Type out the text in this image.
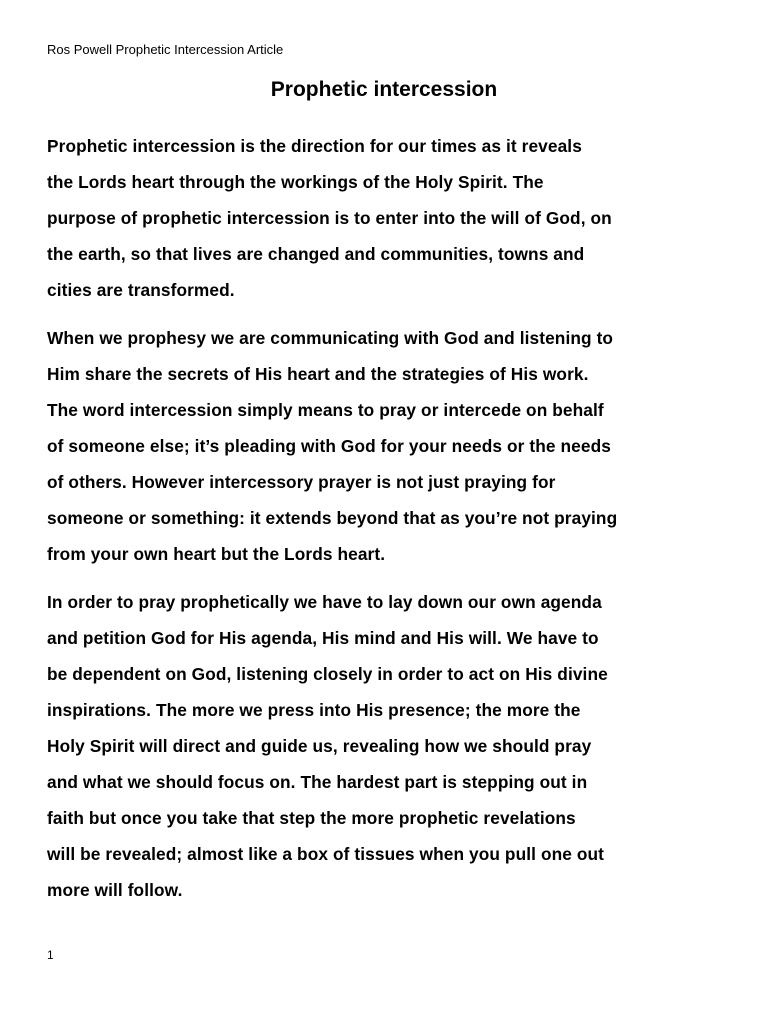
Ros Powell Prophetic Intercession Article
Prophetic intercession

Prophetic intercession is the direction for our times as it reveals
the Lords heart through the workings of the Holy Spirit. The
purpose of prophetic intercession is to enter into the will of God, on
the earth, so that lives are changed and communities, towns and
cities are transformed.

When we prophesy we are communicating with God and listening to
Him share the secrets of His heart and the strategies of His work.
The word intercession simply means to pray or intercede on behalf
of someone else; it’s pleading with God for your needs or the needs
of others. However intercessory prayer is not just praying for
someone or something: it extends beyond that as you’re not praying
from your own heart but the Lords heart.

In order to pray prophetically we have to lay down our own agenda
and petition God for His agenda, His mind and His will. We have to
be dependent on God, listening closely in order to act on His divine
inspirations. The more we press into His presence; the more the
Holy Spirit will direct and guide us, revealing how we should pray
and what we should focus on. The hardest part is stepping out in
faith but once you take that step the more prophetic revelations
will be revealed; almost like a box of tissues when you pull one out
more will follow.

1
